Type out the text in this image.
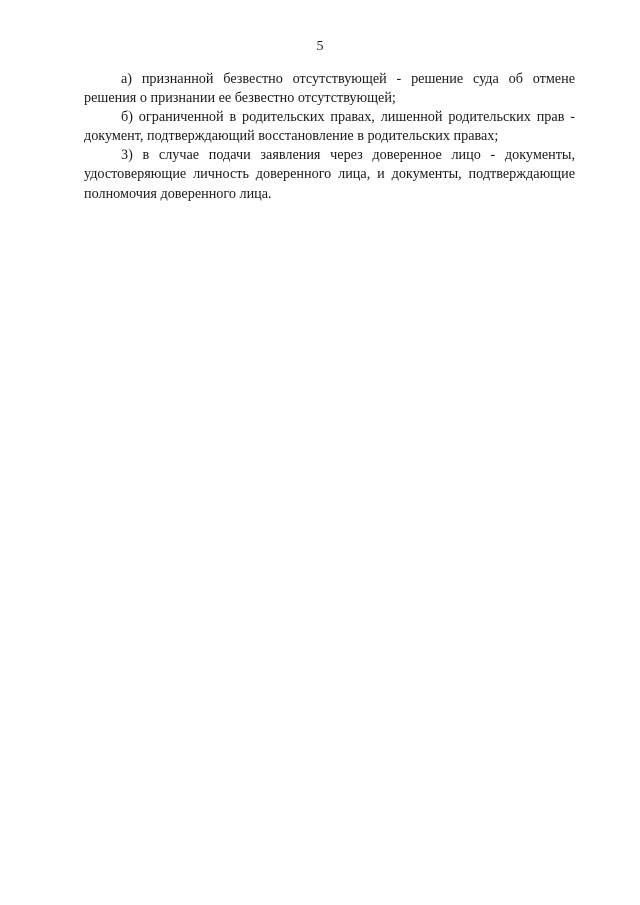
5

а) признанной безвестно отсутствующей - решение суда об отмене решения о признании ее безвестно отсутствующей;

б) ограниченной в родительских правах, лишенной родительских прав - документ, подтверждающий восстановление в родительских правах;

3) в случае подачи заявления через доверенное лицо - документы, удостоверяющие личность доверенного лица, и документы, подтверждающие полномочия доверенного лица.
